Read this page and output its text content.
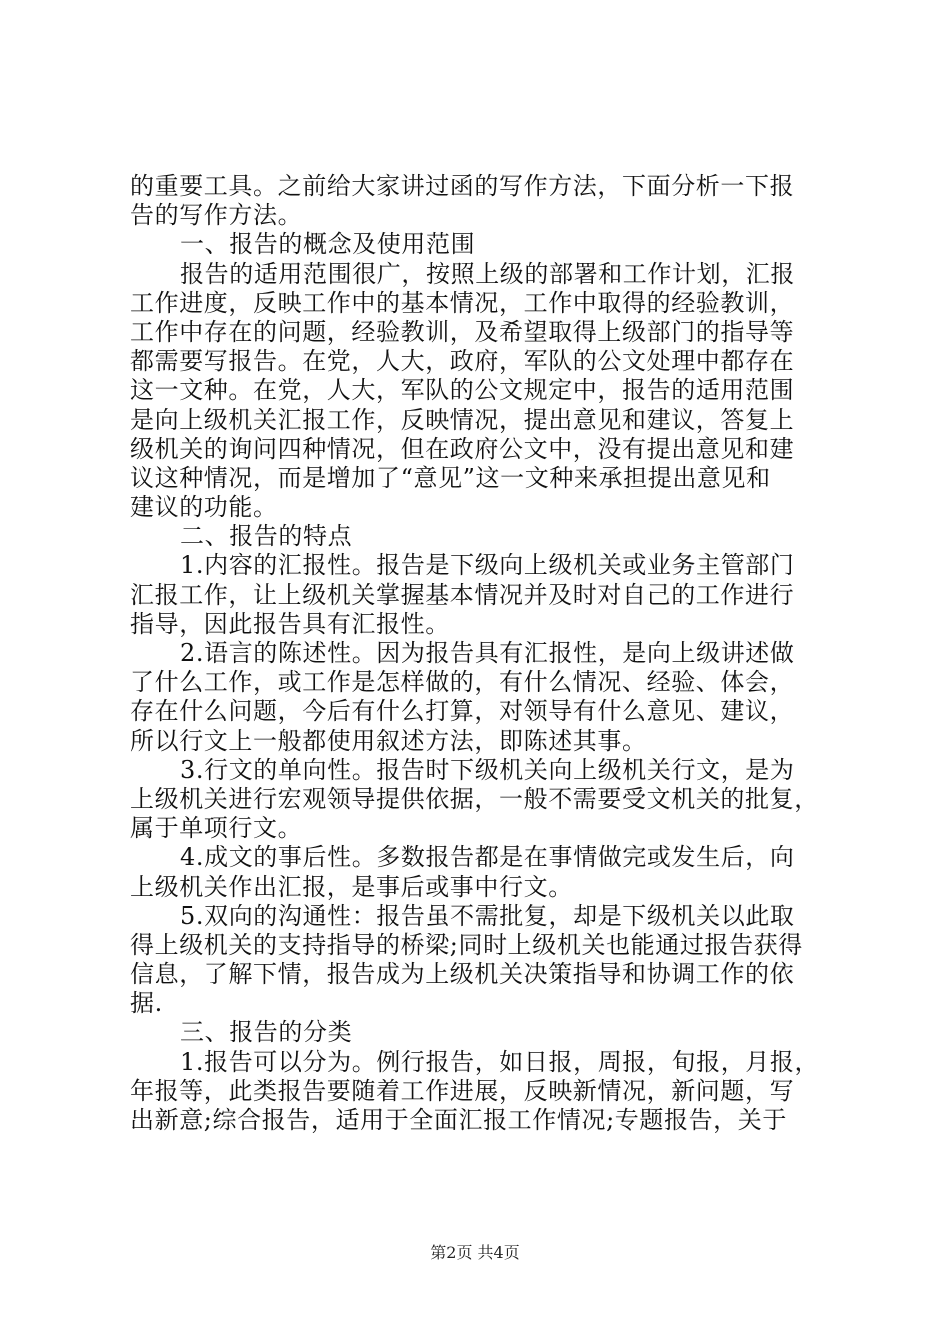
的重要工具。之前给大家讲过函的写作方法，下面分析一下报
告的写作方法。
一、报告的概念及使用范围
报告的适用范围很广，按照上级的部署和工作计划，汇报
工作进度，反映工作中的基本情况，工作中取得的经验教训，
工作中存在的问题，经验教训，及希望取得上级部门的指导等
都需要写报告。在党，人大，政府，军队的公文处理中都存在
这一文种。在党，人大，军队的公文规定中，报告的适用范围
是向上级机关汇报工作，反映情况，提出意见和建议，答复上
级机关的询问四种情况，但在政府公文中，没有提出意见和建
议这种情况，而是增加了“意见”这一文种来承担提出意见和
建议的功能。
二、报告的特点
1.内容的汇报性。报告是下级向上级机关或业务主管部门
汇报工作，让上级机关掌握基本情况并及时对自己的工作进行
指导，因此报告具有汇报性。
2.语言的陈述性。因为报告具有汇报性，是向上级讲述做
了什么工作，或工作是怎样做的，有什么情况、经验、体会，
存在什么问题，今后有什么打算，对领导有什么意见、建议，
所以行文上一般都使用叙述方法，即陈述其事。
3.行文的单向性。报告时下级机关向上级机关行文，是为
上级机关进行宏观领导提供依据，一般不需要受文机关的批复，
属于单项行文。
4.成文的事后性。多数报告都是在事情做完或发生后，向
上级机关作出汇报，是事后或事中行文。
5.双向的沟通性：报告虽不需批复，却是下级机关以此取
得上级机关的支持指导的桥梁;同时上级机关也能通过报告获得
信息，了解下情，报告成为上级机关决策指导和协调工作的依
据.
三、报告的分类
1.报告可以分为。例行报告，如日报，周报，旬报，月报，
年报等，此类报告要随着工作进展，反映新情况，新问题，写
出新意;综合报告，适用于全面汇报工作情况;专题报告，关于
第2页 共4页
